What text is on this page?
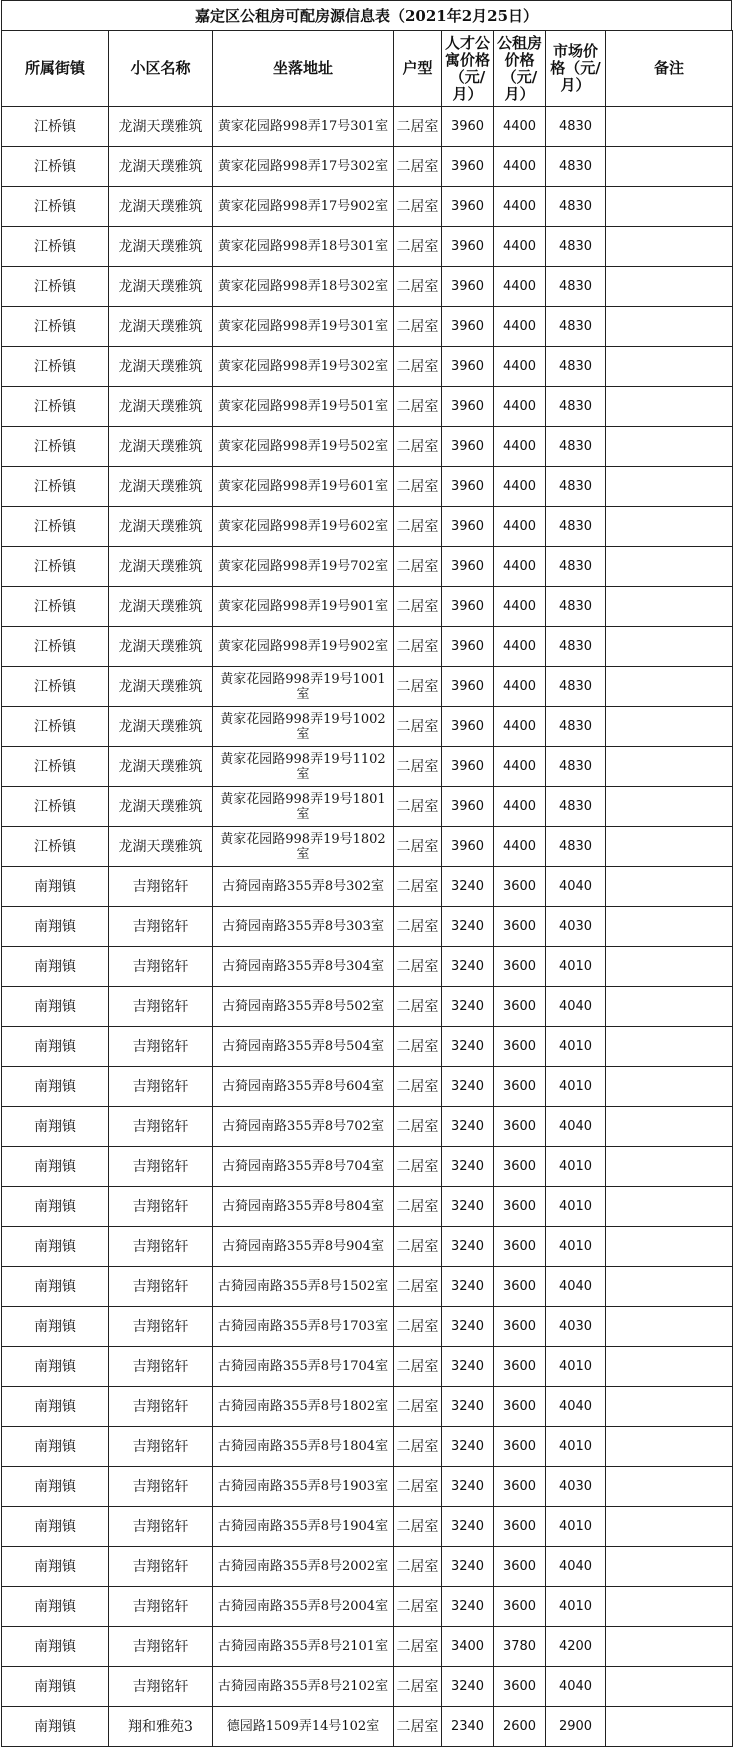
嘉定区公租房可配房源信息表（2021年2月25日）
所属街镇	小区名称	坐落地址	户型	人才公寓价格（元/月）	公租房价格（元/月）	市场价格（元/月）	备注
江桥镇	龙湖天璞雅筑	黄家花园路998弄17号301室	二居室	3960	4400	4830	
江桥镇	龙湖天璞雅筑	黄家花园路998弄17号302室	二居室	3960	4400	4830	
江桥镇	龙湖天璞雅筑	黄家花园路998弄17号902室	二居室	3960	4400	4830	
江桥镇	龙湖天璞雅筑	黄家花园路998弄18号301室	二居室	3960	4400	4830	
江桥镇	龙湖天璞雅筑	黄家花园路998弄18号302室	二居室	3960	4400	4830	
江桥镇	龙湖天璞雅筑	黄家花园路998弄19号301室	二居室	3960	4400	4830	
江桥镇	龙湖天璞雅筑	黄家花园路998弄19号302室	二居室	3960	4400	4830	
江桥镇	龙湖天璞雅筑	黄家花园路998弄19号501室	二居室	3960	4400	4830	
江桥镇	龙湖天璞雅筑	黄家花园路998弄19号502室	二居室	3960	4400	4830	
江桥镇	龙湖天璞雅筑	黄家花园路998弄19号601室	二居室	3960	4400	4830	
江桥镇	龙湖天璞雅筑	黄家花园路998弄19号602室	二居室	3960	4400	4830	
江桥镇	龙湖天璞雅筑	黄家花园路998弄19号702室	二居室	3960	4400	4830	
江桥镇	龙湖天璞雅筑	黄家花园路998弄19号901室	二居室	3960	4400	4830	
江桥镇	龙湖天璞雅筑	黄家花园路998弄19号902室	二居室	3960	4400	4830	
江桥镇	龙湖天璞雅筑	黄家花园路998弄19号1001室	二居室	3960	4400	4830	
江桥镇	龙湖天璞雅筑	黄家花园路998弄19号1002室	二居室	3960	4400	4830	
江桥镇	龙湖天璞雅筑	黄家花园路998弄19号1102室	二居室	3960	4400	4830	
江桥镇	龙湖天璞雅筑	黄家花园路998弄19号1801室	二居室	3960	4400	4830	
江桥镇	龙湖天璞雅筑	黄家花园路998弄19号1802室	二居室	3960	4400	4830	
南翔镇	吉翔铭轩	古猗园南路355弄8号302室	二居室	3240	3600	4040	
南翔镇	吉翔铭轩	古猗园南路355弄8号303室	二居室	3240	3600	4030	
南翔镇	吉翔铭轩	古猗园南路355弄8号304室	二居室	3240	3600	4010	
南翔镇	吉翔铭轩	古猗园南路355弄8号502室	二居室	3240	3600	4040	
南翔镇	吉翔铭轩	古猗园南路355弄8号504室	二居室	3240	3600	4010	
南翔镇	吉翔铭轩	古猗园南路355弄8号604室	二居室	3240	3600	4010	
南翔镇	吉翔铭轩	古猗园南路355弄8号702室	二居室	3240	3600	4040	
南翔镇	吉翔铭轩	古猗园南路355弄8号704室	二居室	3240	3600	4010	
南翔镇	吉翔铭轩	古猗园南路355弄8号804室	二居室	3240	3600	4010	
南翔镇	吉翔铭轩	古猗园南路355弄8号904室	二居室	3240	3600	4010	
南翔镇	吉翔铭轩	古猗园南路355弄8号1502室	二居室	3240	3600	4040	
南翔镇	吉翔铭轩	古猗园南路355弄8号1703室	二居室	3240	3600	4030	
南翔镇	吉翔铭轩	古猗园南路355弄8号1704室	二居室	3240	3600	4010	
南翔镇	吉翔铭轩	古猗园南路355弄8号1802室	二居室	3240	3600	4040	
南翔镇	吉翔铭轩	古猗园南路355弄8号1804室	二居室	3240	3600	4010	
南翔镇	吉翔铭轩	古猗园南路355弄8号1903室	二居室	3240	3600	4030	
南翔镇	吉翔铭轩	古猗园南路355弄8号1904室	二居室	3240	3600	4010	
南翔镇	吉翔铭轩	古猗园南路355弄8号2002室	二居室	3240	3600	4040	
南翔镇	吉翔铭轩	古猗园南路355弄8号2004室	二居室	3240	3600	4010	
南翔镇	吉翔铭轩	古猗园南路355弄8号2101室	二居室	3400	3780	4200	
南翔镇	吉翔铭轩	古猗园南路355弄8号2102室	二居室	3240	3600	4040	
南翔镇	翔和雅苑3	德园路1509弄14号102室	二居室	2340	2600	2900	
